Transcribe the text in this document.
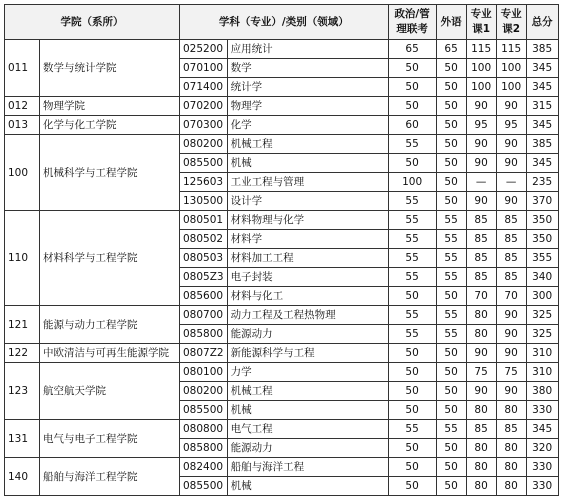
学院（系所）		学科（专业）/类别（领域）		政治/管理联考	外语	专业课1	专业课2	总分
011	数学与统计学院	025200	应用统计	65	65	115	115	385
		070100	数学	50	50	100	100	345
		071400	统计学	50	50	100	100	345
012	物理学院	070200	物理学	50	50	90	90	315
013	化学与化工学院	070300	化学	60	50	95	95	345
100	机械科学与工程学院	080200	机械工程	55	50	90	90	385
		085500	机械	50	50	90	90	345
		125603	工业工程与管理	100	50	—	—	235
		130500	设计学	55	50	90	90	370
110	材料科学与工程学院	080501	材料物理与化学	55	55	85	85	350
		080502	材料学	55	55	85	85	350
		080503	材料加工工程	55	55	85	85	355
		0805Z3	电子封装	55	55	85	85	340
		085600	材料与化工	50	50	70	70	300
121	能源与动力工程学院	080700	动力工程及工程热物理	55	55	80	90	325
		085800	能源动力	55	55	80	90	325
122	中欧清洁与可再生能源学院	0807Z2	新能源科学与工程	50	50	90	90	310
123	航空航天学院	080100	力学	50	50	75	75	310
		080200	机械工程	50	50	90	90	380
		085500	机械	50	50	80	80	330
131	电气与电子工程学院	080800	电气工程	55	55	85	85	345
		085800	能源动力	50	50	80	80	320
140	船舶与海洋工程学院	082400	船舶与海洋工程	50	50	80	80	330
		085500	机械	50	50	80	80	330
